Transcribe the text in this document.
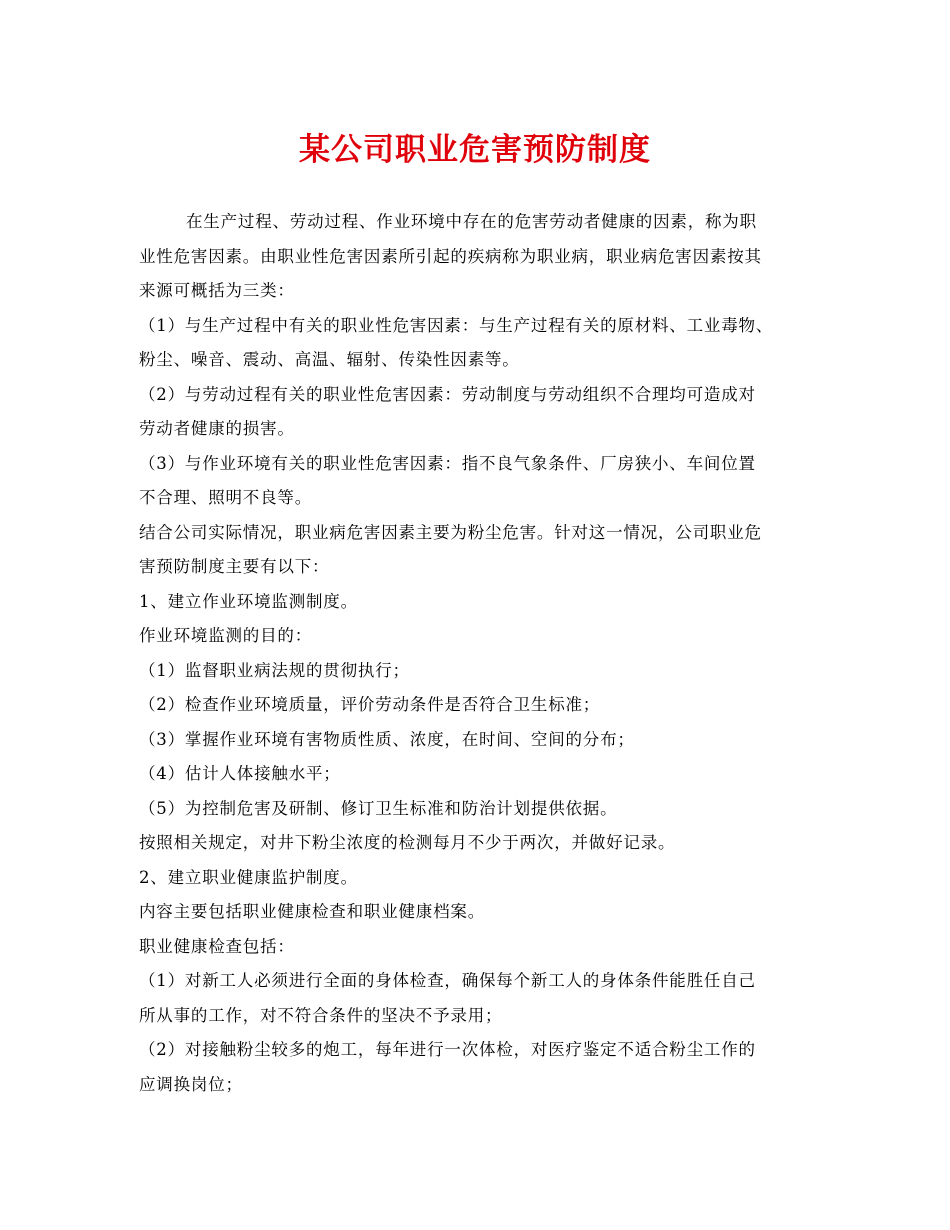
某公司职业危害预防制度

在生产过程、劳动过程、作业环境中存在的危害劳动者健康的因素，称为职

业性危害因素。由职业性危害因素所引起的疾病称为职业病，职业病危害因素按其

来源可概括为三类：

（1）与生产过程中有关的职业性危害因素：与生产过程有关的原材料、工业毒物、

粉尘、噪音、震动、高温、辐射、传染性因素等。

（2）与劳动过程有关的职业性危害因素：劳动制度与劳动组织不合理均可造成对

劳动者健康的损害。

（3）与作业环境有关的职业性危害因素：指不良气象条件、厂房狭小、车间位置

不合理、照明不良等。

结合公司实际情况，职业病危害因素主要为粉尘危害。针对这一情况，公司职业危

害预防制度主要有以下：

1、建立作业环境监测制度。

作业环境监测的目的：

（1）监督职业病法规的贯彻执行；

（2）检查作业环境质量，评价劳动条件是否符合卫生标准；

（3）掌握作业环境有害物质性质、浓度，在时间、空间的分布；

（4）估计人体接触水平；

（5）为控制危害及研制、修订卫生标准和防治计划提供依据。

按照相关规定，对井下粉尘浓度的检测每月不少于两次，并做好记录。

2、建立职业健康监护制度。

内容主要包括职业健康检查和职业健康档案。

职业健康检查包括：

（1）对新工人必须进行全面的身体检查，确保每个新工人的身体条件能胜任自己

所从事的工作，对不符合条件的坚决不予录用；

（2）对接触粉尘较多的炮工，每年进行一次体检，对医疗鉴定不适合粉尘工作的

应调换岗位；
